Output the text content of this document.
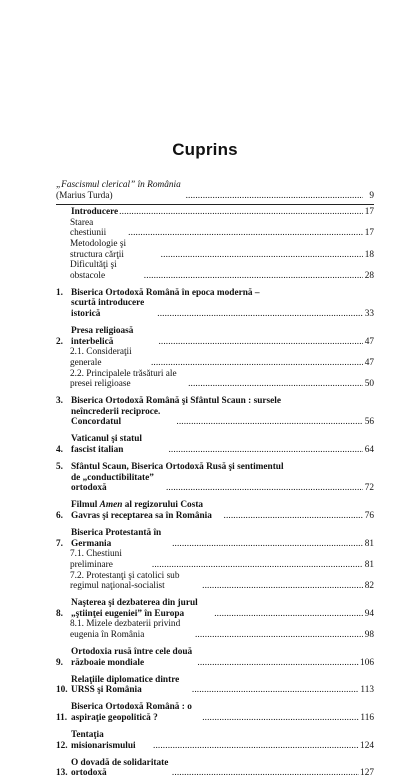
Cuprins
„Fascismul clerical” în România (Marius Turda) . . .	9
Introducere . . .	17
Starea chestiunii . . .	17
Metodologie şi structura cărţii . . .	18
Dificultăţi şi obstacole . . .	28
1. Biserica Ortodoxă Română în epoca modernă –
scurtă introducere istorică . . .	33
2.
Presa religioasă interbelică . . .	47
2.1. Consideraţii generale . . .	47
2.2. Principalele trăsături ale presei religioase . . .	50
3. Biserica Ortodoxă Română şi Sfântul Scaun : sursele
neîncrederii reciproce. Concordatul . . .	56
4.
Vaticanul şi statul fascist italian . . .	64
5. Sfântul Scaun, Biserica Ortodoxă Rusă şi sentimentul
de „conductibilitate” ortodoxă . . .	72
6.
Filmul Amen al regizorului Costa Gavras şi receptarea sa în România . . .	76
7.
Biserica Protestantă în Germania . . .	81
7.1. Chestiuni preliminare . . .	81
7.2. Protestanţi şi catolici sub regimul naţional-socialist . . .	82
8.
Naşterea şi dezbaterea din jurul „ştiinţei eugeniei” în Europa . . .	94
8.1. Mizele dezbaterii privind eugenia în România . . .	98
9.
Ortodoxia rusă între cele două războaie mondiale . . .	106
10.
Relaţiile diplomatice dintre URSS şi România . . .	113
11.
Biserica Ortodoxă Română : o aspiraţie geopolitică ? . . .	116
12.
Tentaţia misionarismului . . .	124
13.
O dovadă de solidaritate ortodoxă . . .	127
